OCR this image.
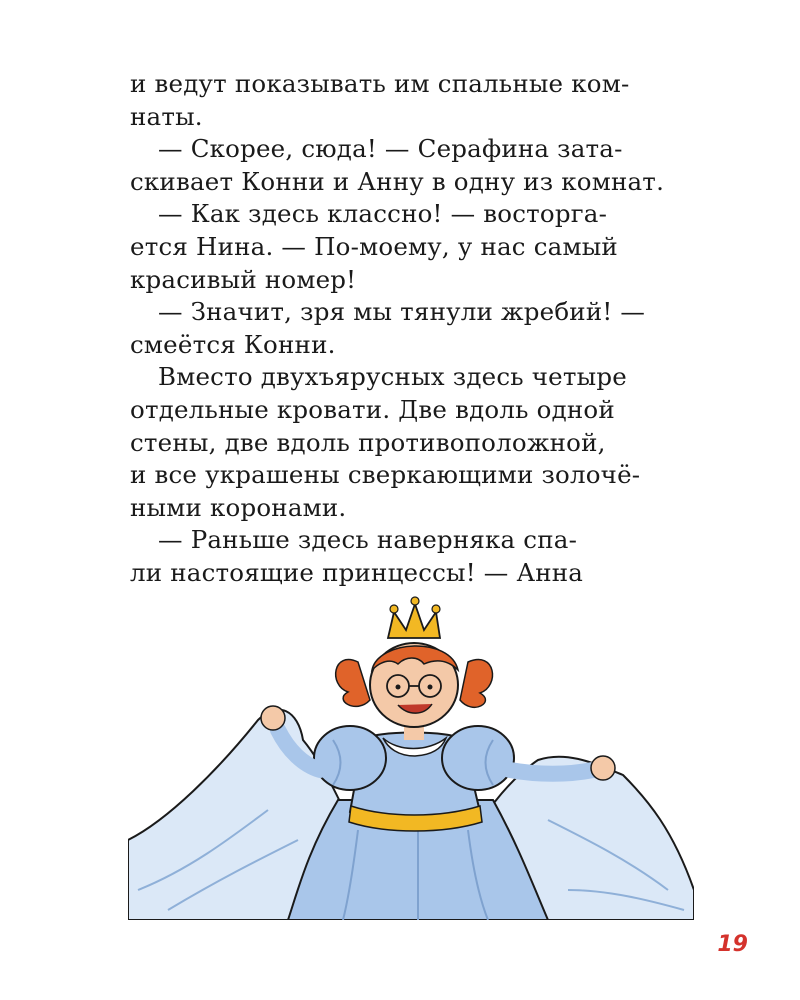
и ведут показывать им спальные ком-
наты.
— Скорее, сюда! — Серафина зата-
скивает Конни и Анну в одну из комнат.
— Как здесь классно! — восторга-
ется Нина. — По-моему, у нас самый
красивый номер!
— Значит, зря мы тянули жребий! —
смеётся Конни.
Вместо двухъярусных здесь четыре
отдельные кровати. Две вдоль одной
стены, две вдоль противоположной,
и все украшены сверкающими золочё-
ными коронами.
— Раньше здесь наверняка спа-
ли настоящие принцессы! — Анна
19
